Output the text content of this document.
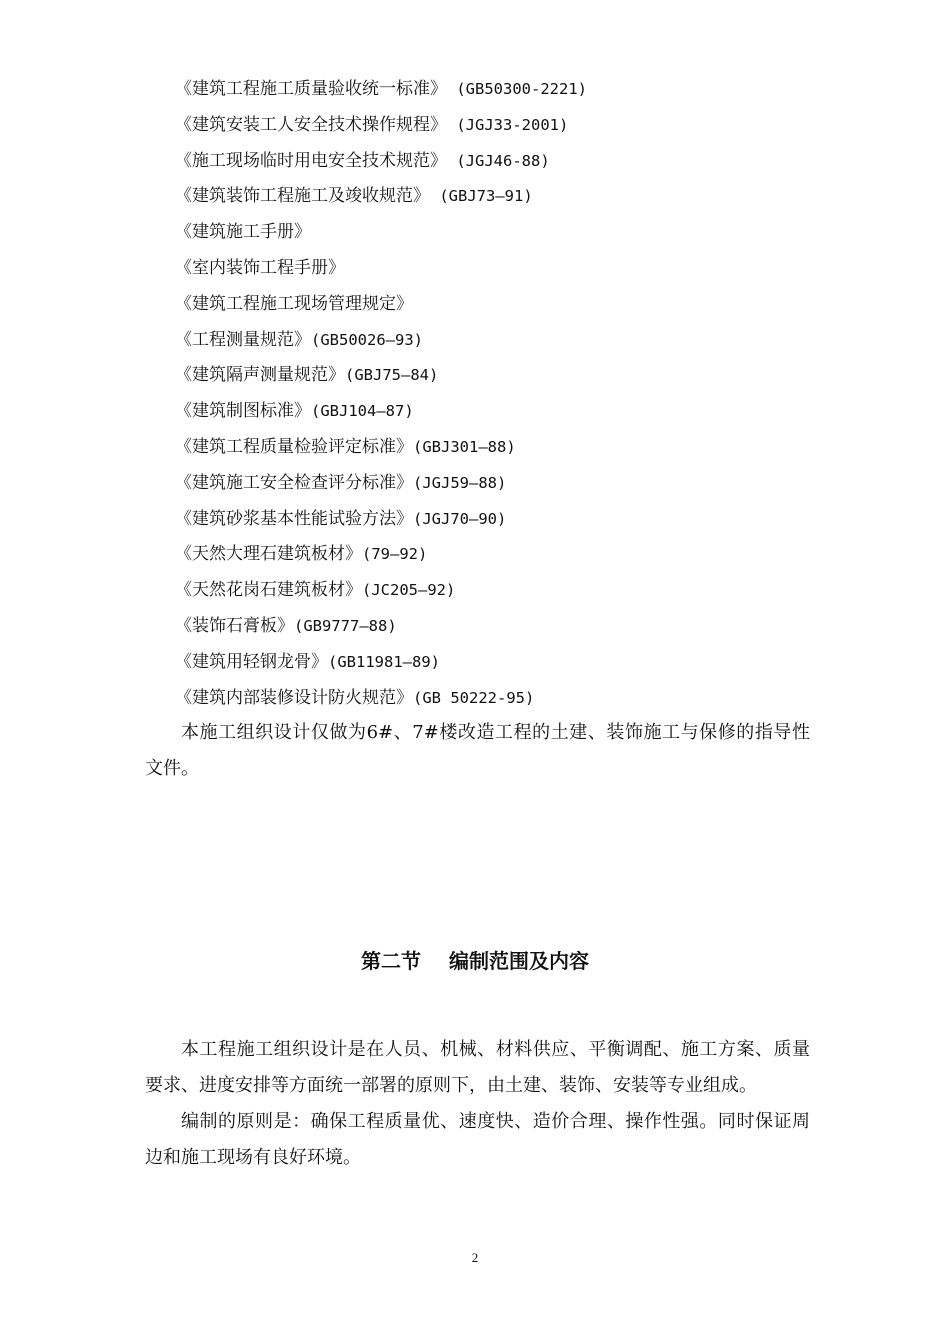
《建筑工程施工质量验收统一标准》 (GB50300-2221)
《建筑安装工人安全技术操作规程》 (JGJ33-2001)
《施工现场临时用电安全技术规范》 (JGJ46-88)
《建筑装饰工程施工及竣收规范》 (GBJ73—91)
《建筑施工手册》
《室内装饰工程手册》
《建筑工程施工现场管理规定》
《工程测量规范》(GB50026—93)
《建筑隔声测量规范》(GBJ75—84)
《建筑制图标准》(GBJ104—87)
《建筑工程质量检验评定标准》(GBJ301—88)
《建筑施工安全检查评分标准》(JGJ59—88)
《建筑砂浆基本性能试验方法》(JGJ70—90)
《天然大理石建筑板材》(79—92)
《天然花岗石建筑板材》(JC205—92)
《装饰石膏板》(GB9777—88)
《建筑用轻钢龙骨》(GB11981—89)
《建筑内部装修设计防火规范》(GB 50222-95)

本施工组织设计仅做为6#、7#楼改造工程的土建、装饰施工与保修的指导性文件。

第二节 编制范围及内容

本工程施工组织设计是在人员、机械、材料供应、平衡调配、施工方案、质量要求、进度安排等方面统一部署的原则下，由土建、装饰、安装等专业组成。

编制的原则是：确保工程质量优、速度快、造价合理、操作性强。同时保证周边和施工现场有良好环境。

2
